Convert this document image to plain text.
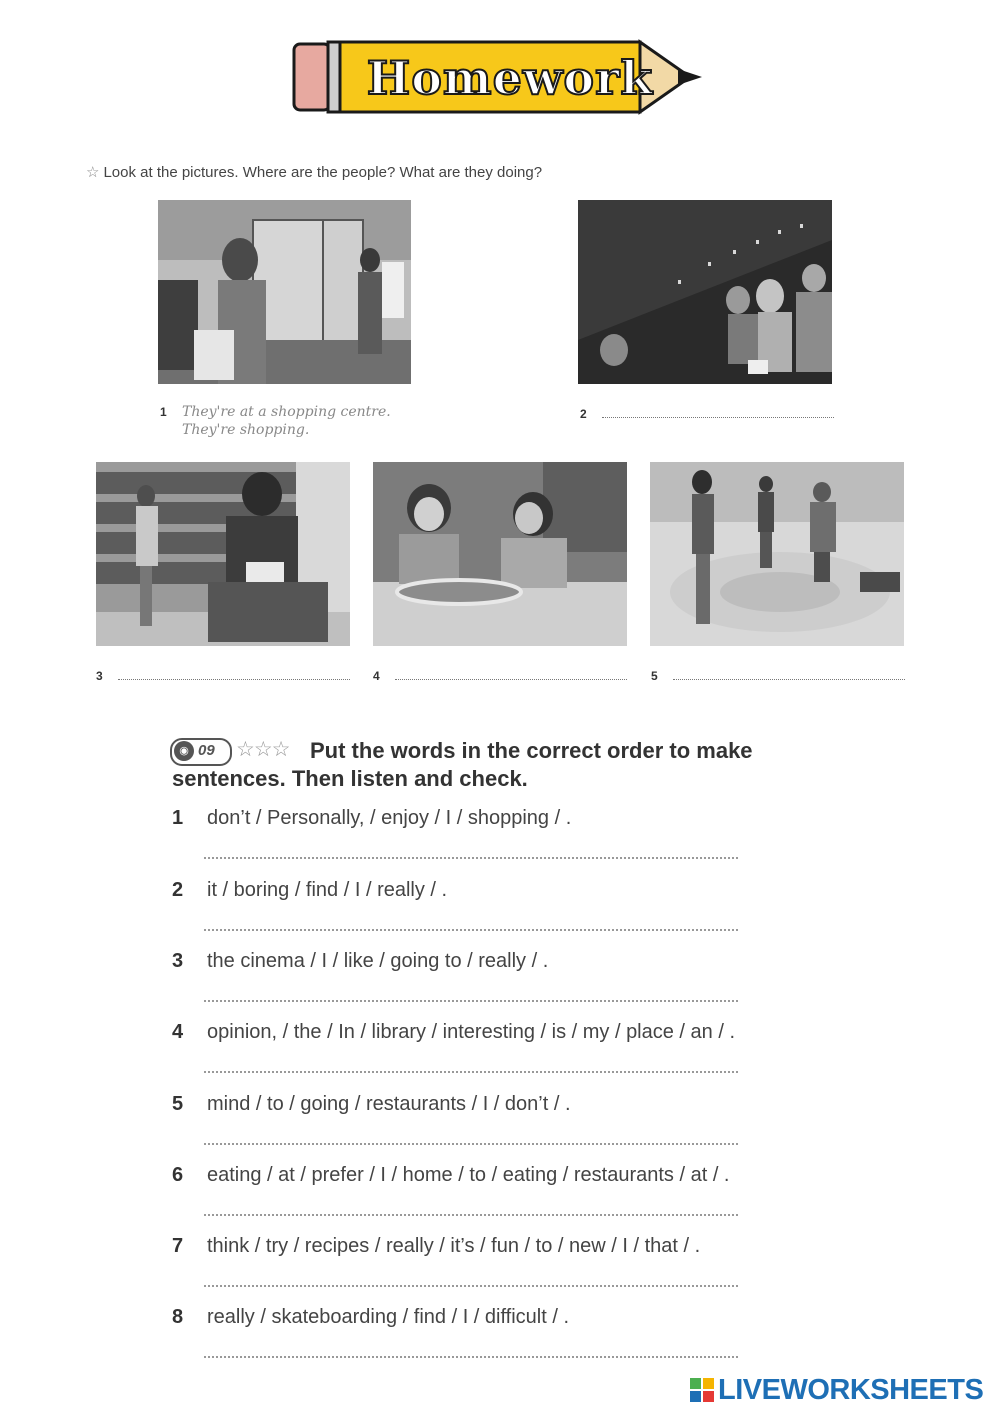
Homework
☆ Look at the pictures. Where are the people? What are they doing?
1 They're at a shopping centre.
They're shopping.
2
3	4	5
◉ 09 ☆☆☆ Put the words in the correct order to make
sentences. Then listen and check.
1 don’t / Personally, / enjoy / I / shopping / .
2 it / boring / find / I / really / .
3 the cinema / I / like / going to / really / .
4 opinion, / the / In / library / interesting / is / my / place / an / .
5 mind / to / going / restaurants / I / don’t / .
6 eating / at / prefer / I / home / to / eating / restaurants / at / .
7 think / try / recipes / really / it’s / fun / to / new / I / that / .
8 really / skateboarding / find / I / difficult / .
LIVEWORKSHEETS
